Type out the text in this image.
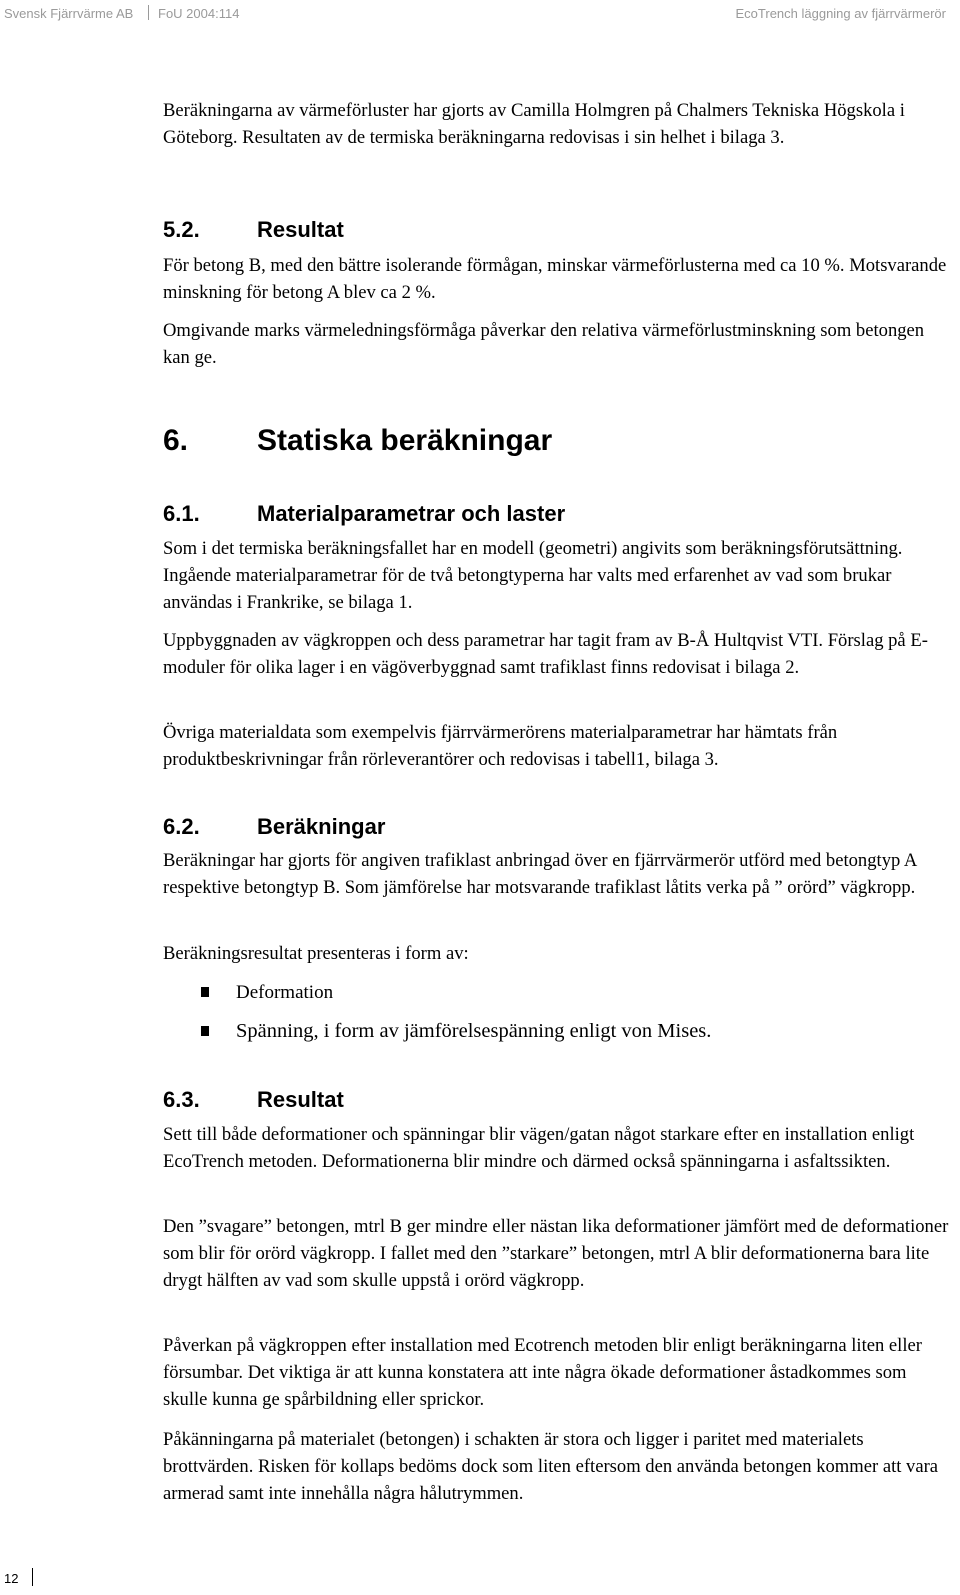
Svensk Fjärrvärme AB FoU 2004:114	EcoTrench läggning av fjärrvärmerör

Beräkningarna av värmeförluster har gjorts av Camilla Holmgren på Chalmers Tekniska Högskola i Göteborg. Resultaten av de termiska beräkningarna redovisas i sin helhet i bilaga 3.

5.2.	Resultat

För betong B, med den bättre isolerande förmågan, minskar värmeförlusterna med ca 10 %. Motsvarande minskning för betong A blev ca 2 %.

Omgivande marks värmeledningsförmåga påverkar den relativa värmeförlustminskning som betongen kan ge.

6. Statiska beräkningar
6.1.	Materialparametrar och laster

Som i det termiska beräkningsfallet har en modell (geometri) angivits som beräkningsförutsättning. Ingående materialparametrar för de två betongtyperna har valts med erfarenhet av vad som brukar användas i Frankrike, se bilaga 1.

Uppbyggnaden av vägkroppen och dess parametrar har tagit fram av B-Å Hultqvist VTI. Förslag på E-moduler för olika lager i en vägöverbyggnad samt trafiklast finns redovisat i bilaga 2.

Övriga materialdata som exempelvis fjärrvärmerörens materialparametrar har hämtats från produktbeskrivningar från rörleverantörer och redovisas i tabell1, bilaga 3.

6.2.	Beräkningar

Beräkningar har gjorts för angiven trafiklast anbringad över en fjärrvärmerör utförd med betongtyp A respektive betongtyp B. Som jämförelse har motsvarande trafiklast låtits verka på ” orörd” vägkropp.

Beräkningsresultat presenteras i form av:

Deformation
Spänning, i form av jämförelsespänning enligt von Mises.
6.3.	Resultat

Sett till både deformationer och spänningar blir vägen/gatan något starkare efter en installation enligt EcoTrench metoden. Deformationerna blir mindre och därmed också spänningarna i asfaltssikten.

Den ”svagare” betongen, mtrl B ger mindre eller nästan lika deformationer jämfört med de deformationer som blir för orörd vägkropp. I fallet med den ”starkare” betongen, mtrl A blir deformationerna bara lite drygt hälften av vad som skulle uppstå i orörd vägkropp.

Påverkan på vägkroppen efter installation med Ecotrench metoden blir enligt beräkningarna liten eller försumbar. Det viktiga är att kunna konstatera att inte några ökade deformationer åstadkommes som skulle kunna ge spårbildning eller sprickor.

Påkänningarna på materialet (betongen) i schakten är stora och ligger i paritet med materialets brottvärden. Risken för kollaps bedöms dock som liten eftersom den använda betongen kommer att vara armerad samt inte innehålla några hålutrymmen.

12
